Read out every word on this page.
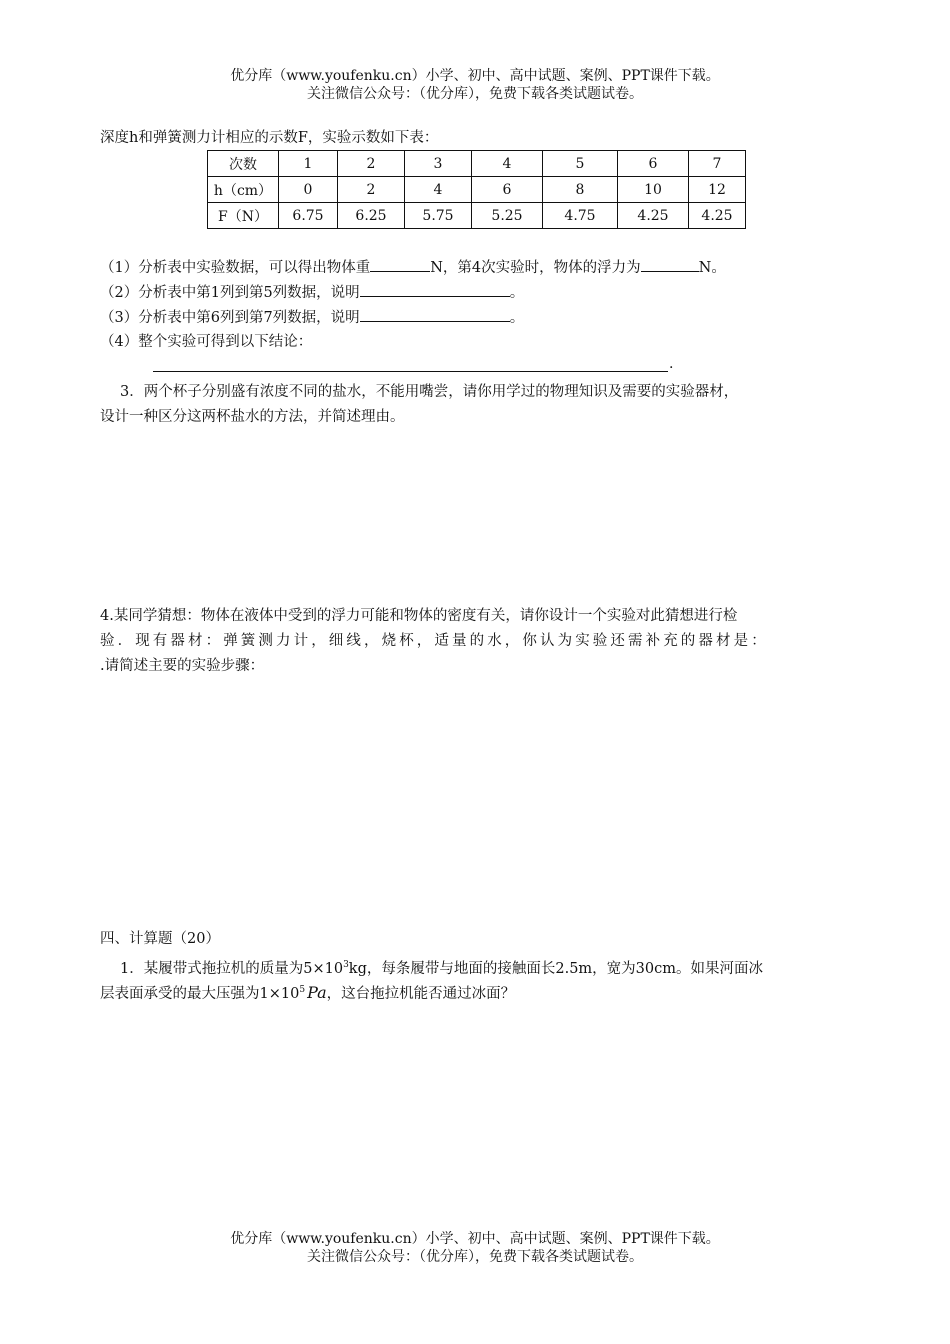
优分库（www.youfenku.cn）小学、初中、高中试题、案例、PPT课件下载。
关注微信公众号：（优分库），免费下载各类试题试卷。
深度h和弹簧测力计相应的示数F，实验示数如下表：
次数	1	2	3	4	5	6	7
h（cm）	0	2	4	6	8	10	12
F（N）	6.75	6.25	5.75	5.25	4.75	4.25	4.25
（1）分析表中实验数据，可以得出物体重	N，第4次实验时，物体的浮力为	N。
（2）分析表中第1列到第5列数据，说明	。
（3）分析表中第6列到第7列数据，说明	。
（4）整个实验可得到以下结论：
.
3．两个杯子分别盛有浓度不同的盐水，不能用嘴尝，请你用学过的物理知识及需要的实验器材，
设计一种区分这两杯盐水的方法，并简述理由。
4.某同学猜想：物体在液体中受到的浮力可能和物体的密度有关，请你设计一个实验对此猜想进行检
验．现有器材：弹簧测力计，细线，烧杯，适量的水，你认为实验还需补充的器材是：
.请简述主要的实验步骤：
四、计算题（20）
1．某履带式拖拉机的质量为$5\times 10^3kg$，每条履带与地面的接触面长2.5m，宽为30cm。如果河面冰
层表面承受的最大压强为$1\times 10^5$ Pa，这台拖拉机能否通过冰面？
优分库（www.youfenku.cn）小学、初中、高中试题、案例、PPT课件下载。
关注微信公众号：（优分库），免费下载各类试题试卷。
